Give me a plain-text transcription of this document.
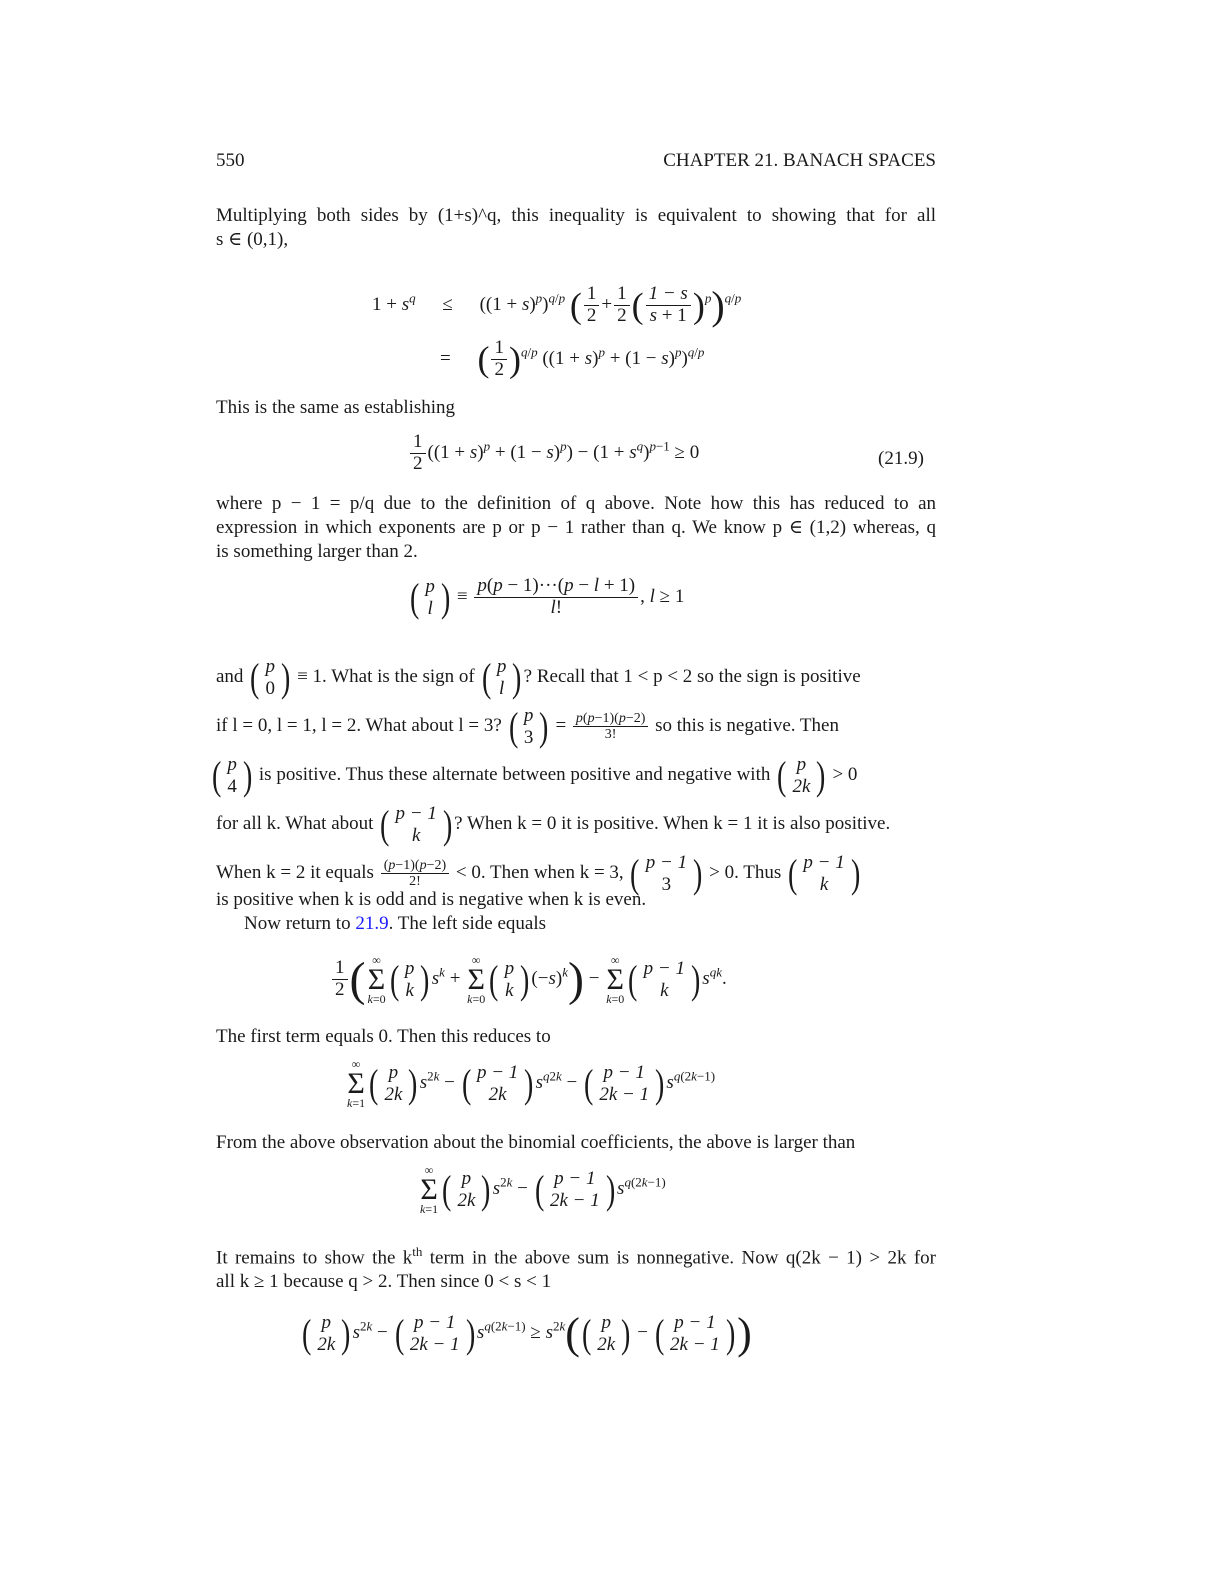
550	CHAPTER 21. BANACH SPACES
Multiplying both sides by (1+s)^q, this inequality is equivalent to showing that for all
s ∈ (0,1),
$1 + s^q \le ((1 + s)^p)^{q/p}$ ( $\frac{1}{2} + \frac{1}{2}$ ( $\frac{1 - s}{s + 1} )^p)^{q/p}$
= ( $\frac{1}{2} )^{q/p}$ $((1 + s)^p + (1 - s)^p)^{q/p}$
This is the same as establishing
$\frac{1}{2} ((1 + s)^p + (1 - s)^p) - (1 + s^q)^{p-1} \ge 0$	(21.9)
where p − 1 = p/q due to the definition of q above. Note how this has reduced to an
expression in which exponents are p or p − 1 rather than q. We know p ∈ (1,2) whereas, q
is something larger than 2.
( p
l ) ≡ $\frac{p(p - 1)\cdot\cdot\cdot(p - l + 1)}{l!}$ , l ≥ 1
and ( p
0 ) ≡ 1. What is the sign of ( p
l ) ? Recall that 1 < p < 2 so the sign is positive
if l = 0, l = 1, l = 2. What about l = 3? ( p
3 ) = $\frac{p(p-1)(p-2)}{3!}$ so this is negative. Then
( p
4 ) is positive. Thus these alternate between positive and negative with ( p
2k ) > 0
for all k. What about ( p − 1
k ) ? When k = 0 it is positive. When k = 1 it is also positive.
When k = 2 it equals $\frac{(p-1)(p-2)}{2!} < 0$. Then when k = 3, ( p − 1
3 ) > 0. Thus ( p − 1
k )
is positive when k is odd and is negative when k is even.
Now return to 21.9. The left side equals
$\frac{1}{2}$ ( ∞
Σ
k=0 ( p
k ) $s^k$ +
∞
Σ
k=0 ( p
k ) $(-s)^k$) −
∞
Σ
k=0 ( p − 1
k ) $s^{qk}$.
The first term equals 0. Then this reduces to
∞
Σ
k=1 ( p
2k ) $s^{2k}$ − ( p − 1
2k ) $s^{q2k}$ − ( p − 1
2k − 1 ) $s^{q(2k-1)}$
From the above observation about the binomial coefficients, the above is larger than
∞
Σ
k=1 ( p
2k ) $s^{2k}$ − ( p − 1
2k − 1 ) $s^{q(2k-1)}$
It remains to show the $k^{th}$ term in the above sum is nonnegative. Now q(2k − 1) > 2k for
all k ≥ 1 because q > 2. Then since 0 < s < 1
( p
2k ) $s^{2k}$ − ( p − 1
2k − 1 ) $s^{q(2k-1)} \ge s^{2k}$( ( p
2k ) − ( p − 1
2k − 1 ) )
